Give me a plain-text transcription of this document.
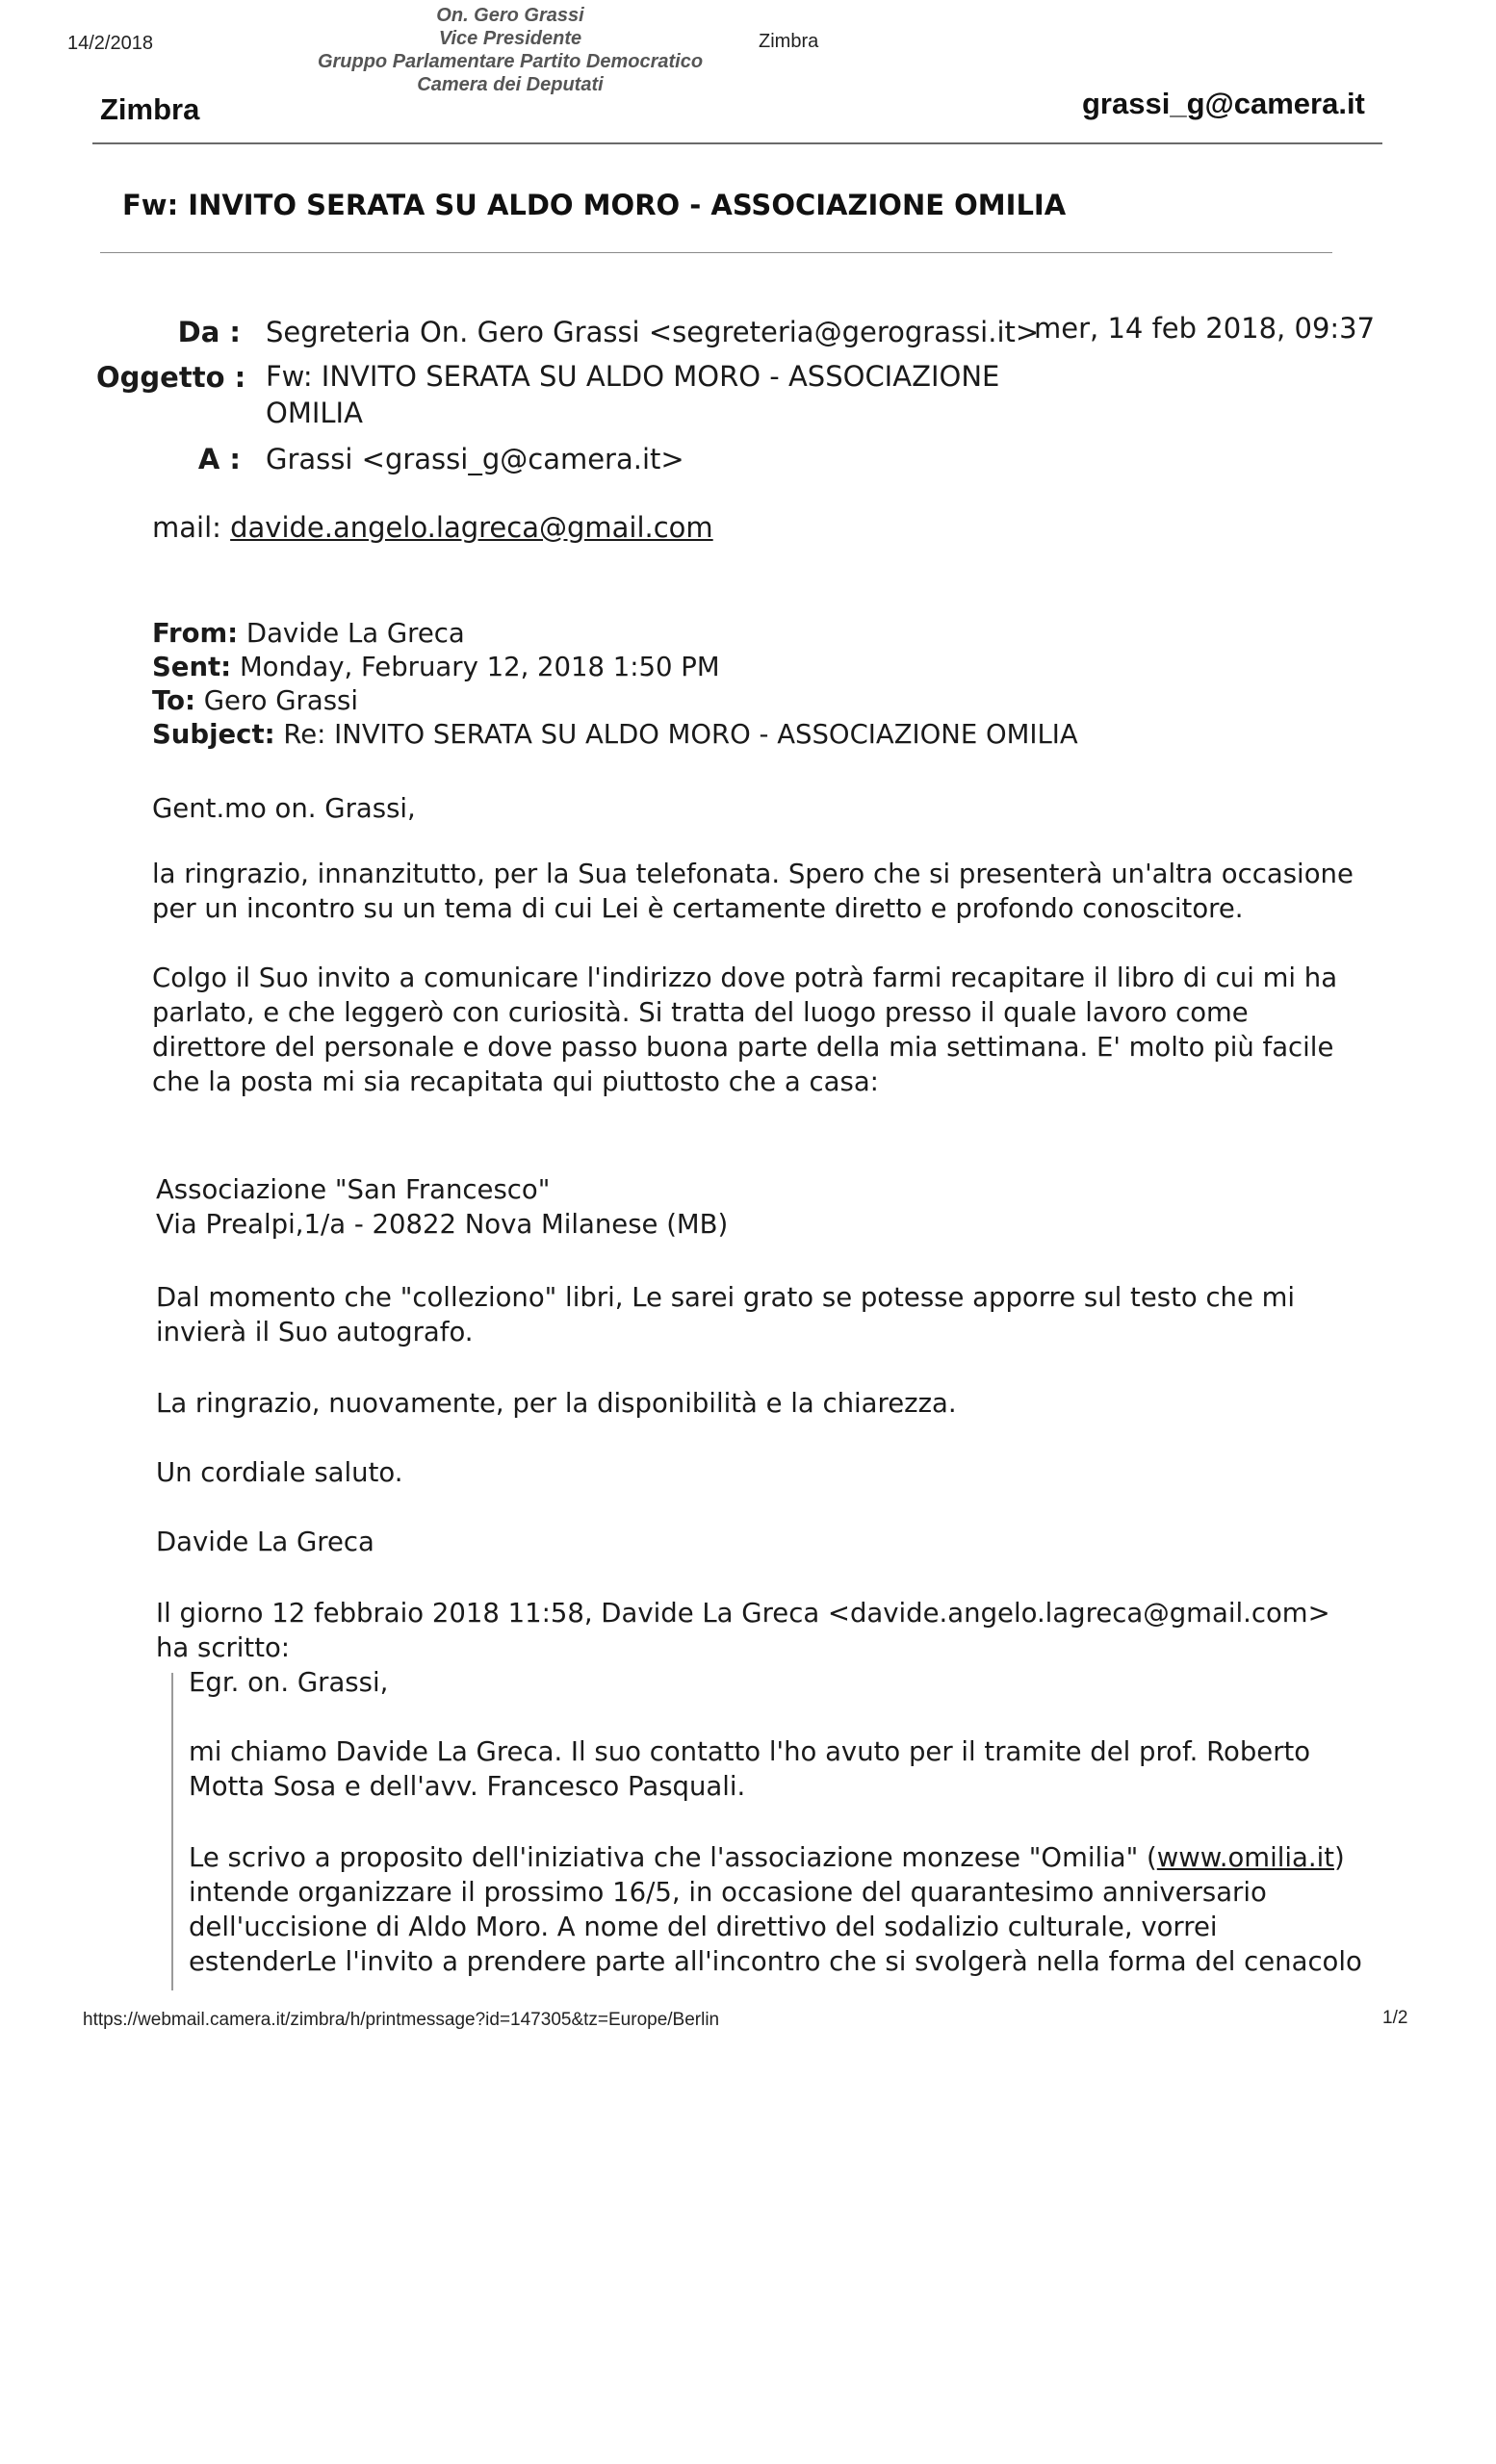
14/2/2018	Zimbra
On. Gero Grassi
Vice Presidente
Gruppo Parlamentare Partito Democratico
Camera dei Deputati
Zimbra	grassi_g@camera.it
Fw: INVITO SERATA SU ALDO MORO - ASSOCIAZIONE OMILIA
Da : Segreteria On. Gero Grassi <segreteria@gerograssi.it>
mer, 14 feb 2018, 09:37
Oggetto : Fw: INVITO SERATA SU ALDO MORO - ASSOCIAZIONE
OMILIA
A : Grassi <grassi_g@camera.it>
mail: davide.angelo.lagreca@gmail.com
From: Davide La Greca
Sent: Monday, February 12, 2018 1:50 PM
To: Gero Grassi
Subject: Re: INVITO SERATA SU ALDO MORO - ASSOCIAZIONE OMILIA
Gent.mo on. Grassi,
la ringrazio, innanzitutto, per la Sua telefonata. Spero che si presenterà un'altra occasione
per un incontro su un tema di cui Lei è certamente diretto e profondo conoscitore.
Colgo il Suo invito a comunicare l'indirizzo dove potrà farmi recapitare il libro di cui mi ha
parlato, e che leggerò con curiosità. Si tratta del luogo presso il quale lavoro come
direttore del personale e dove passo buona parte della mia settimana. E' molto più facile
che la posta mi sia recapitata qui piuttosto che a casa:
Associazione "San Francesco"
Via Prealpi,1/a - 20822 Nova Milanese (MB)
Dal momento che "colleziono" libri, Le sarei grato se potesse apporre sul testo che mi
invierà il Suo autografo.
La ringrazio, nuovamente, per la disponibilità e la chiarezza.
Un cordiale saluto.
Davide La Greca
Il giorno 12 febbraio 2018 11:58, Davide La Greca <davide.angelo.lagreca@gmail.com>
ha scritto:
Egr. on. Grassi,
mi chiamo Davide La Greca. Il suo contatto l'ho avuto per il tramite del prof. Roberto
Motta Sosa e dell'avv. Francesco Pasquali.
Le scrivo a proposito dell'iniziativa che l'associazione monzese "Omilia" (www.omilia.it)
intende organizzare il prossimo 16/5, in occasione del quarantesimo anniversario
dell'uccisione di Aldo Moro. A nome del direttivo del sodalizio culturale, vorrei
estenderLe l'invito a prendere parte all'incontro che si svolgerà nella forma del cenacolo
https://webmail.camera.it/zimbra/h/printmessage?id=147305&tz=Europe/Berlin	1/2
